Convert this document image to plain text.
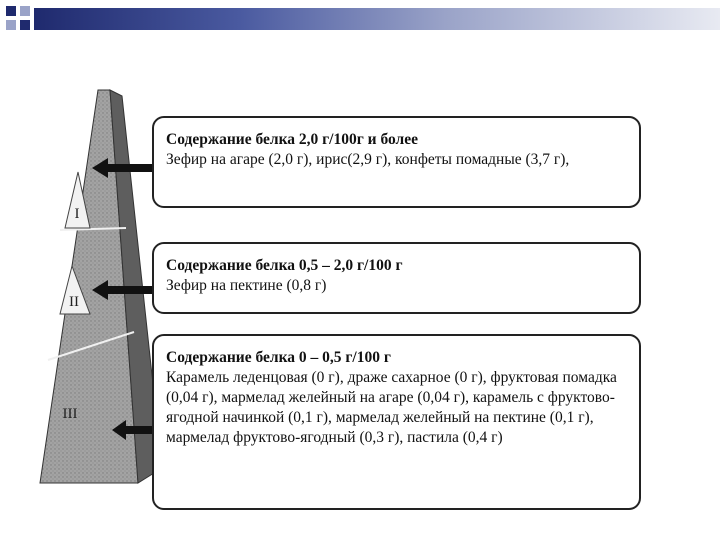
I
II
III
Содержание белка 2,0 г/100г и более
Зефир на агаре (2,0 г), ирис(2,9 г), конфеты помадные (3,7 г),
Содержание белка 0,5 – 2,0 г/100 г
Зефир на пектине (0,8 г)
Содержание белка 0 – 0,5 г/100 г
Карамель леденцовая (0 г), драже сахарное (0 г), фруктовая помадка (0,04 г), мармелад желейный на агаре (0,04 г), карамель с фруктово-ягодной начинкой (0,1 г), мармелад желейный на пектине (0,1 г), мармелад фруктово-ягодный (0,3 г), пастила (0,4 г)
